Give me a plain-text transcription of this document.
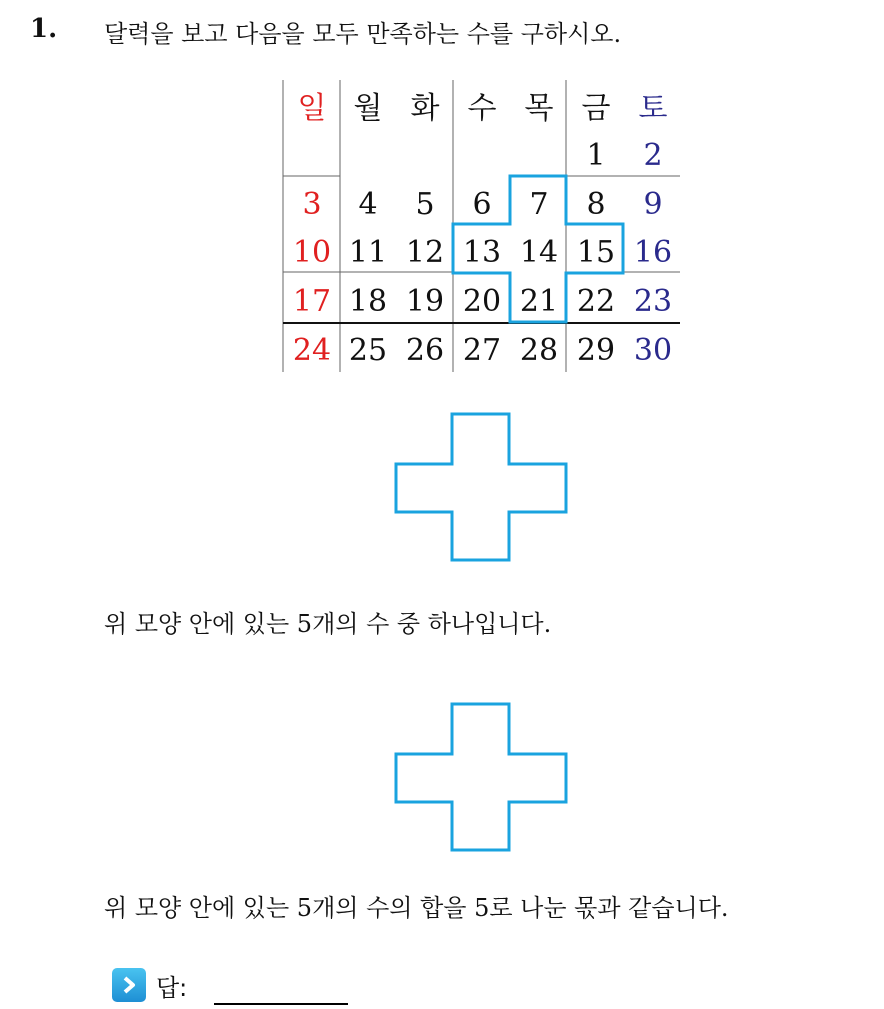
1. 달력을 보고 다음을 모두 만족하는 수를 구하시오.
일 월 화 수 목 금 토
1 2
3 4 5 6 7 8 9
10 11 12 13 14 15 16
17 18 19 20 21 22 23
24 25 26 27 28 29 30
위 모양 안에 있는 5개의 수 중 하나입니다.
위 모양 안에 있는 5개의 수의 합을 5로 나눈 몫과 같습니다.
답:
